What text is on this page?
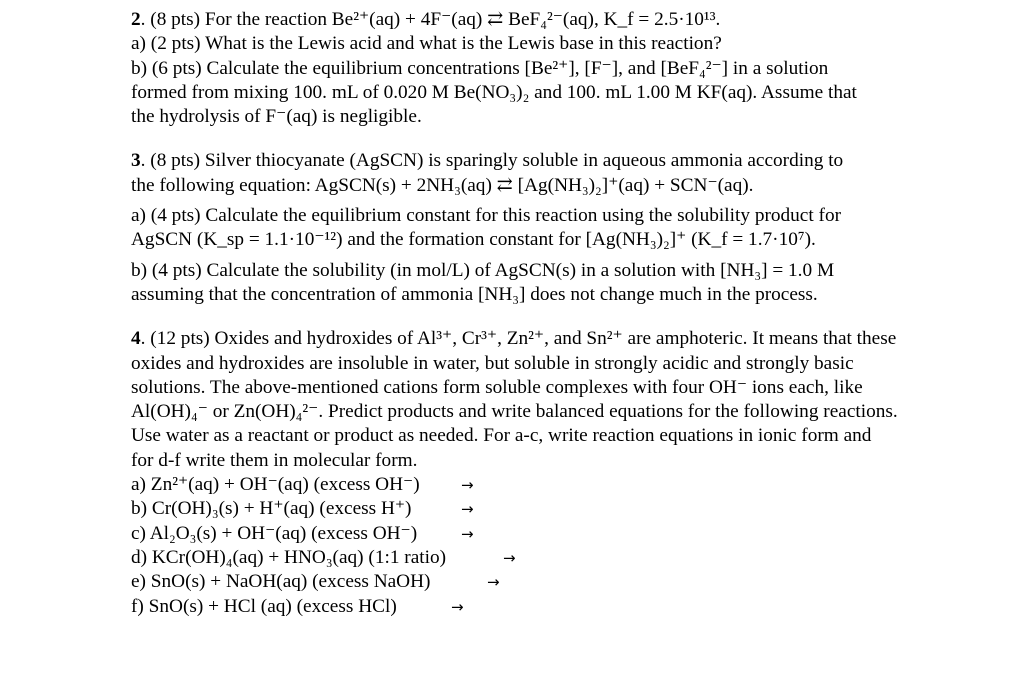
2. (8 pts) For the reaction Be²⁺(aq) + 4F⁻(aq) ⇄ BeF₄²⁻(aq), K_f = 2.5·10¹³.
a) (2 pts) What is the Lewis acid and what is the Lewis base in this reaction?
b) (6 pts) Calculate the equilibrium concentrations [Be²⁺], [F⁻], and [BeF₄²⁻] in a solution
formed from mixing 100. mL of 0.020 M Be(NO₃)₂ and 100. mL 1.00 M KF(aq). Assume that
the hydrolysis of F⁻(aq) is negligible.
3. (8 pts) Silver thiocyanate (AgSCN) is sparingly soluble in aqueous ammonia according to
the following equation: AgSCN(s) + 2NH₃(aq) ⇄ [Ag(NH₃)₂]⁺(aq) + SCN⁻(aq).
a) (4 pts) Calculate the equilibrium constant for this reaction using the solubility product for
AgSCN (K_sp = 1.1·10⁻¹²) and the formation constant for [Ag(NH₃)₂]⁺ (K_f = 1.7·10⁷).
b) (4 pts) Calculate the solubility (in mol/L) of AgSCN(s) in a solution with [NH₃] = 1.0 M
assuming that the concentration of ammonia [NH₃] does not change much in the process.
4. (12 pts) Oxides and hydroxides of Al³⁺, Cr³⁺, Zn²⁺, and Sn²⁺ are amphoteric. It means that these
oxides and hydroxides are insoluble in water, but soluble in strongly acidic and strongly basic
solutions. The above-mentioned cations form soluble complexes with four OH⁻ ions each, like
Al(OH)₄⁻ or Zn(OH)₄²⁻. Predict products and write balanced equations for the following reactions.
Use water as a reactant or product as needed. For a-c, write reaction equations in ionic form and
for d-f write them in molecular form.
a) Zn²⁺(aq) + OH⁻(aq) (excess OH⁻)	→
b) Cr(OH)₃(s) + H⁺(aq) (excess H⁺)	→
c) Al₂O₃(s) + OH⁻(aq) (excess OH⁻)	→
d) KCr(OH)₄(aq) + HNO₃(aq) (1:1 ratio)	→
e) SnO(s) + NaOH(aq) (excess NaOH)	→
f) SnO(s) + HCl (aq) (excess HCl)	→
